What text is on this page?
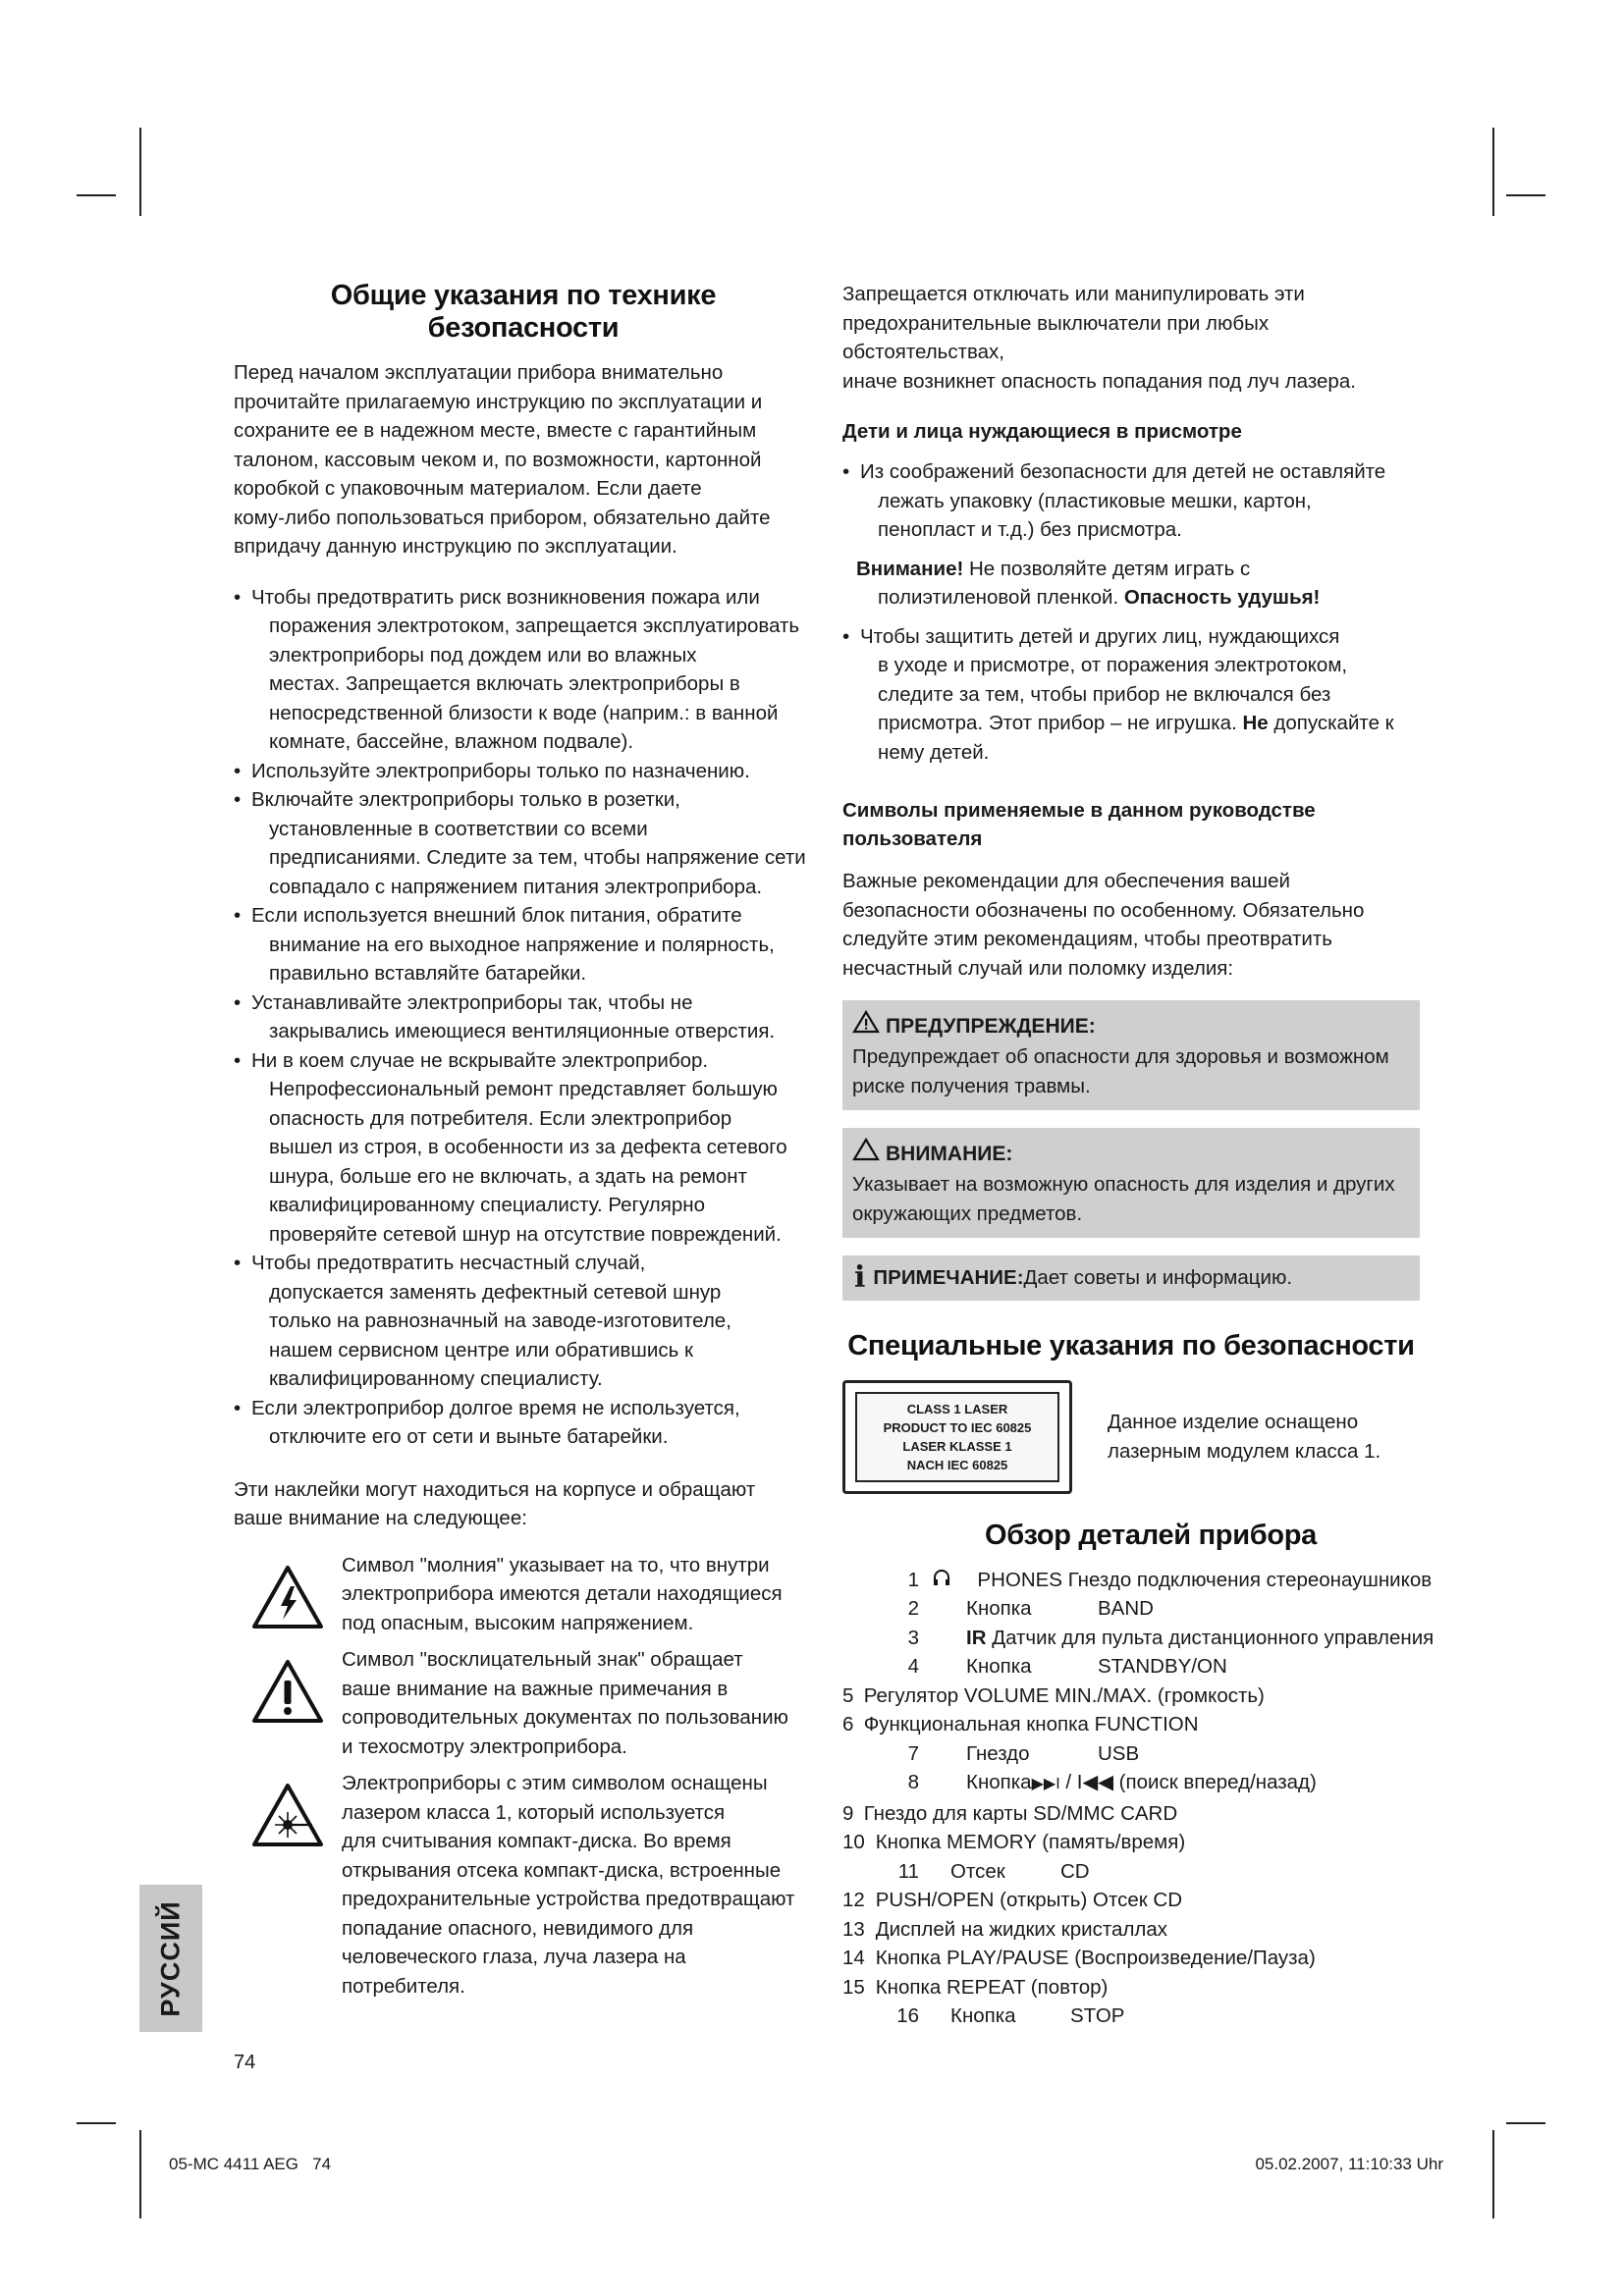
Общие указания по технике безопасности

Перед началом эксплуатации прибора внимательно
прочитайте прилагаемую инструкцию по эксплуатации и
сохраните ее в надежном месте, вместе с гарантийным
талоном, кассовым чеком и, по возможности, картонной
коробкой с упаковочным материалом. Если даете
кому-либо попользоваться прибором, обязательно дайте
впридачу данную инструкцию по эксплуатации.

• Чтобы предотвратить риск возникновения пожара или
поражения электротоком, запрещается эксплуатировать
электроприборы под дождем или во влажных
местах. Запрещается включать электроприборы в
непосредственной близости к воде (наприм.: в ванной
комнате, бассейне, влажном подвале).
• Используйте электроприборы только по назначению.
• Включайте электроприборы только в розетки,
установленные в соответствии со всеми
предписаниями. Следите за тем, чтобы напряжение сети
совпадало с напряжением питания электроприбора.
• Если используется внешний блок питания, обратите
внимание на его выходное напряжение и полярность,
правильно вставляйте батарейки.
• Устанавливайте электроприборы так, чтобы не
закрывались имеющиеся вентиляционные отверстия.
• Ни в коем случае не вскрывайте электроприбор.
Непрофессиональный ремонт представляет большую
опасность для потребителя. Если электроприбор
вышел из строя, в особенности из за дефекта сетевого
шнура, больше его не включать, а здать на ремонт
квалифицированному специалисту. Регулярно
проверяйте сетевой шнур на отсутствие повреждений.
• Чтобы предотвратить несчастный случай,
допускается заменять дефектный сетевой шнур
только на равнозначный на заводе-изготовителе,
нашем сервисном центре или обратившись к
квалифицированному специалисту.
• Если электроприбор долгое время не используется,
отключите его от сети и выньте батарейки.

Эти наклейки могут находиться на корпусе и обращают
ваше внимание на следующее:

Символ "молния" указывает на то, что внутри
электроприбора имеются детали находящиеся
под опасным, высоким напряжением.
Символ "восклицательный знак" обращает
ваше внимание на важные примечания в
сопроводительных документах по пользованию
и техосмотру электроприбора.
Электроприборы с этим символом оснащены
лазером класса 1, который используется
для считывания компакт-диска. Во время
открывания отсека компакт-диска, встроенные
предохранительные устройства предотвращают
попадание опасного, невидимого для
человеческого глаза, луча лазера на
потребителя.

Запрещается отключать или манипулировать эти
предохранительные выключатели при любых обстоятельствах,
иначе возникнет опасность попадания под луч лазера.

Дети и лица нуждающиеся в присмотре

• Из соображений безопасности для детей не оставляйте
лежать упаковку (пластиковые мешки, картон,
пенопласт и т.д.) без присмотра.

Внимание! Не позволяйте детям играть с
полиэтиленовой пленкой. Опасность удушья!

• Чтобы защитить детей и других лиц, нуждающихся
в уходе и присмотре, от поражения электротоком,
следите за тем, чтобы прибор не включался без
присмотра. Этот прибор – не игрушка. Не допускайте к
нему детей.

Символы применяемые в данном руководстве
пользователя

Важные рекомендации для обеспечения вашей
безопасности обозначены по особенному. Обязательно
следуйте этим рекомендациям, чтобы преотвратить
несчастный случай или поломку изделия:

ПРЕДУПРЕЖДЕНИЕ:
Предупреждает об опасности для здоровья и возможном
риске получения травмы.
ВНИМАНИЕ:
Указывает на возможную опасность для изделия и других
окружающих предметов.
i ПРИМЕЧАНИЕ: Дает советы и информацию.
Специальные указания по безопасности
CLASS 1 LASER
PRODUCT TO IEC 60825
LASER KLASSE 1
NACH IEC 60825
Данное изделие оснащено
лазерным модулем класса 1.
Обзор деталей прибора
1	PHONES Гнездо подключения стереонаушников
2 Кнопка	BAND
3 IR Датчик для пульта дистанционного управления
4 Кнопка	STANDBY/ON
5 Регулятор VOLUME MIN./MAX. (громкость)
6 Функциональная кнопка FUNCTION
7 Гнездо	USB
8 Кнопка▶▶I / I◀◀ (поиск вперед/назад)
9 Гнездо для карты SD/MMC CARD
10 Кнопка MEMORY (память/время)
11 Отсек	CD
12 PUSH/OPEN (открыть) Отсек CD
13 Дисплей на жидких кристаллах
14 Кнопка PLAY/PAUSE (Воспроизведение/Пауза)
15 Кнопка REPEAT (повтор)
16 Кнопка	STOP
РУССИЙ
74
05-MC 4411 AEG   74	05.02.2007, 11:10:33 Uhr
